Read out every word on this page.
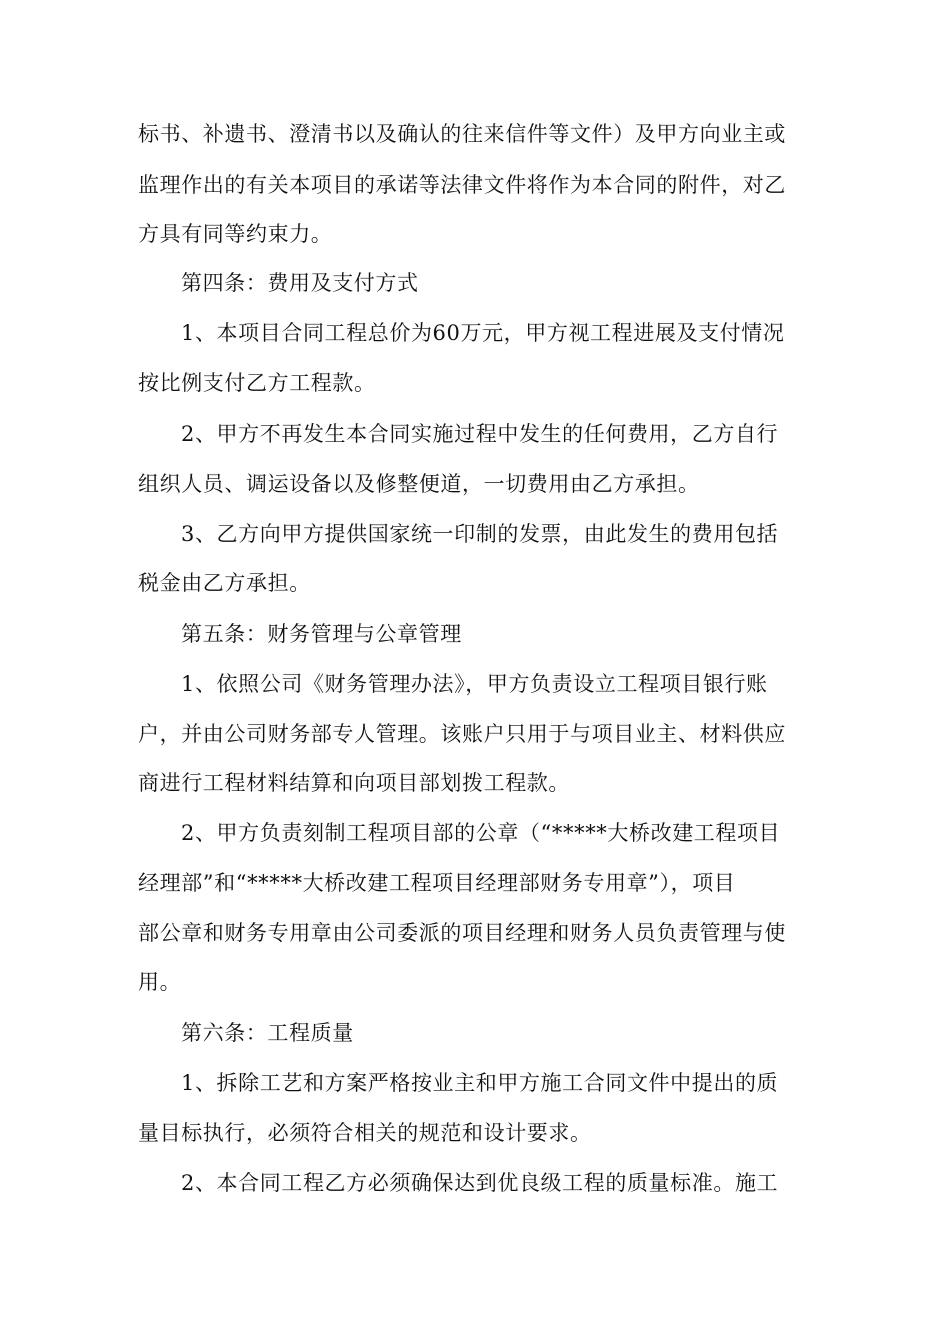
标书、补遗书、澄清书以及确认的往来信件等文件）及甲方向业主或

监理作出的有关本项目的承诺等法律文件将作为本合同的附件，对乙

方具有同等约束力。

第四条：费用及支付方式

1、本项目合同工程总价为60万元，甲方视工程进展及支付情况

按比例支付乙方工程款。

2、甲方不再发生本合同实施过程中发生的任何费用，乙方自行

组织人员、调运设备以及修整便道，一切费用由乙方承担。

3、乙方向甲方提供国家统一印制的发票，由此发生的费用包括

税金由乙方承担。

第五条：财务管理与公章管理

1、依照公司《财务管理办法》，甲方负责设立工程项目银行账

户，并由公司财务部专人管理。该账户只用于与项目业主、材料供应

商进行工程材料结算和向项目部划拨工程款。

2、甲方负责刻制工程项目部的公章（“*****大桥改建工程项目

经理部”和“*****大桥改建工程项目经理部财务专用章”），项目

部公章和财务专用章由公司委派的项目经理和财务人员负责管理与使

用。

第六条：工程质量

1、拆除工艺和方案严格按业主和甲方施工合同文件中提出的质

量目标执行，必须符合相关的规范和设计要求。

2、本合同工程乙方必须确保达到优良级工程的质量标准。施工
